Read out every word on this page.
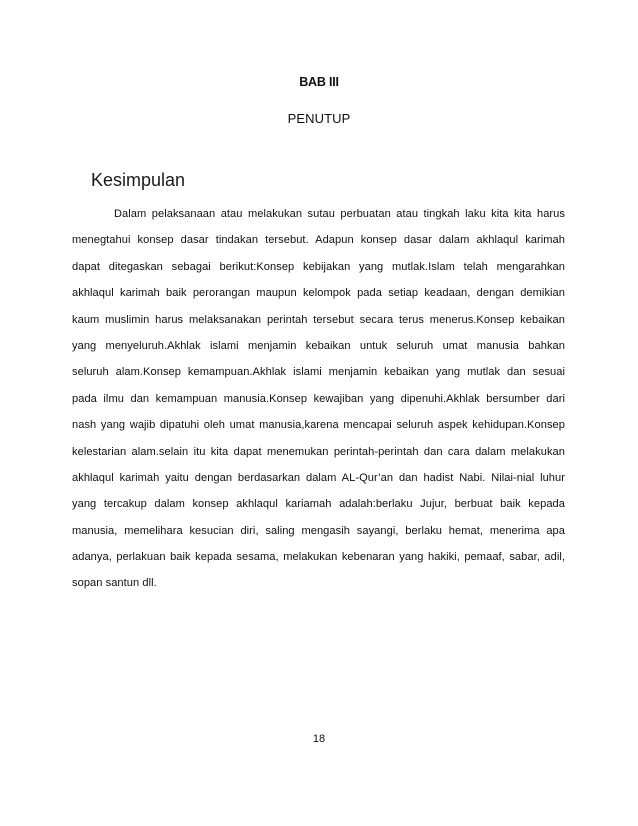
BAB III
PENUTUP
Kesimpulan
Dalam pelaksanaan atau melakukan sutau perbuatan atau tingkah laku kita kita harus
menegtahui konsep dasar tindakan tersebut. Adapun konsep dasar dalam akhlaqul karimah
dapat ditegaskan sebagai berikut:Konsep kebijakan yang mutlak.Islam telah mengarahkan
akhlaqul karimah baik perorangan maupun kelompok pada setiap keadaan, dengan demikian
kaum muslimin harus melaksanakan perintah tersebut secara terus menerus.Konsep kebaikan
yang menyeluruh.Akhlak islami menjamin kebaikan untuk seluruh umat manusia bahkan
seluruh alam.Konsep kemampuan.Akhlak islami menjamin kebaikan yang mutlak dan sesuai
pada ilmu dan kemampuan manusia.Konsep kewajiban yang dipenuhi.Akhlak bersumber dari
nash yang wajib dipatuhi oleh umat manusia,karena mencapai seluruh aspek kehidupan.Konsep
kelestarian alam.selain itu kita dapat menemukan perintah-perintah dan cara dalam melakukan
akhlaqul karimah yaitu dengan berdasarkan dalam AL-Qur’an dan hadist Nabi. Nilai-nial luhur
yang tercakup dalam konsep akhlaqul kariamah adalah:berlaku Jujur, berbuat baik kepada
manusia, memelihara kesucian diri, saling mengasih sayangi, berlaku hemat, menerima apa
adanya, perlakuan baik kepada sesama, melakukan kebenaran yang hakiki, pemaaf, sabar, adil,
sopan santun dll.
18
